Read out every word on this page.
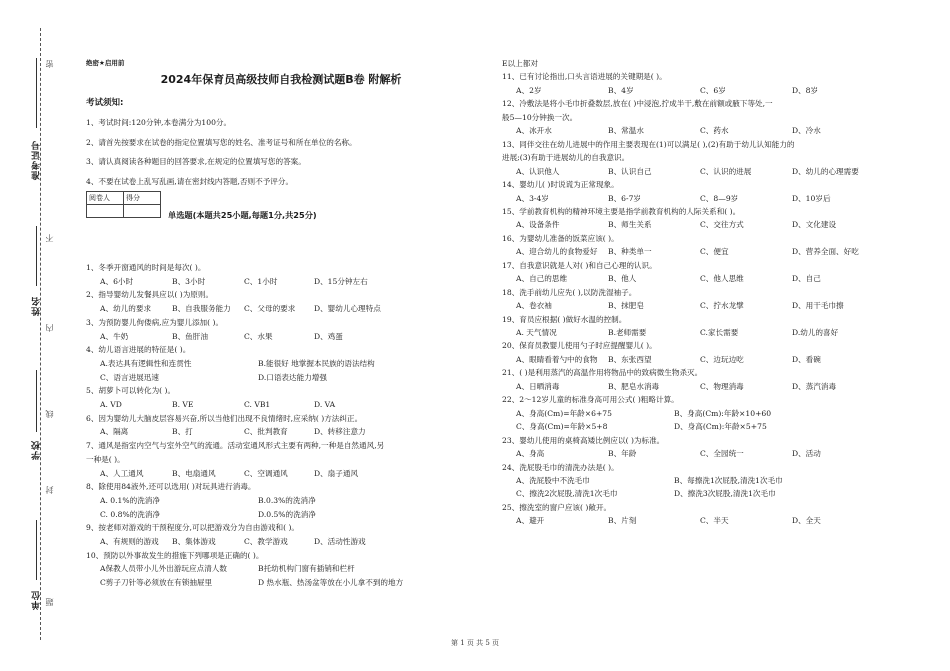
准考证号
姓名
学校
单位
密
不
内
线
封
题
绝密★启用前
2024年保育员高级技师自我检测试题B卷 附解析
考试须知:
1、考试时间:120分钟,本卷满分为100分。
2、请首先按要求在试卷的指定位置填写您的姓名、准考证号和所在单位的名称。
3、请认真阅读各种题目的回答要求,在规定的位置填写您的答案。
4、不要在试卷上乱写乱画,请在密封线内答题,否则不予评分。
阅卷人	得分

单选题(本题共25小题,每题1分,共25分)
1、冬季开窗通风的时间是每次( )。
A、6小时	B、3小时	C、1小时	D、15分钟左右
2、指导婴幼儿发餐具应以( )为原则。
A、幼儿的要求	B、自我服务能力 C、父母的要求 D、婴幼儿心理特点
3、为预防婴儿佝偻病,应为婴儿添加( )。
A、牛奶	B、鱼肝油	C、水果	D、鸡蛋
4、幼儿语言进展的特征是( )。
A.表达具有逻辑性和连贯性	B.能很好 地掌握本民族的语法结构
C、语言进展迅速	D.口语表达能力增强
5、胡萝卜可以转化为( )。
A. VD	B. VE	C. VB1	D. VA
6、因为婴幼儿大脑皮层容易兴奋,所以当他们出现不良情绪时,应采纳( )方法纠正。
A、隔离	B、打	C、批判教育	D、转移注意力
7、通风是指室内空气与室外空气的流通。活动室通风形式主要有两种,一种是自然通风,另
一种是( )。
A、人工通风	B、电扇通风	C、空调通风	D、扇子通风
8、除使用84液外,还可以选用( )对玩具进行消毒。
A. 0.1%的洗消净	B.0.3%的洗消净
C. 0.8%的洗消净	D.0.5%的洗消净
9、按老师对游戏的干预程度分,可以把游戏分为自由游戏和( )。
A、有规则的游戏 B、集体游戏	C、教学游戏	D、活动性游戏
10、预防以外事故发生的措施下列哪项是正确的( )。
A保教人员带小儿外出游玩应点清人数	B托幼机构门窗有插销和栏杆
C剪子刀针等必须放在有锁抽屉里	D 热水瓶、热汤盆等放在小儿拿不到的地方
E以上都对
11、已有讨论指出,口头言语进展的关键期是( )。
A、2岁	B、4岁	C、6岁	D、8岁
12、冷敷法是将小毛巾折叠数层,放在( )中浸泡,拧成半干,敷在前额或腋下等处,一
般5—10分钟换一次。
A、冰开水	B、常温水	C、药水	D、冷水
13、同伴交往在幼儿进展中的作用主要表现在(1)可以满足( ),(2)有助于幼儿认知能力的
进展;(3)有助于进展幼儿的自我意识。
A、认识他人	B、认识自己	C、认识的进展	D、幼儿的心理需要
14、婴幼儿( )时说谎为正常现象。
A、3-4岁	B、6-7岁	C、8—9岁	D、10岁后
15、学前教育机构的精神环境主要是指学前教育机构的人际关系和( )。
A、设备条件	B、师生关系	C、交往方式	D、文化建设
16、为婴幼儿准备的饭菜应该( )。
A、迎合幼儿的食物爱好 B、种类单一	C、便宜	D、营养全面、好吃
17、自我意识就是人对( )和自己心理的认识。
A、自己的思维	B、他人	C、他人思维	D、自己
18、洗手前幼儿应先( ),以防洗湿袖子。
A、卷衣袖	B、抹肥皂	C、拧水龙擘	D、用干毛巾擦
19、育员应根据( )做好水温的控制。
A. 天气情况	B.老师需要	C.家长需要	D.幼儿的喜好
20、保育员教婴儿使用勺子时应提醒婴儿( )。
A、眼睛看着勺中的食物 B、东张西望	C、边玩边吃	D、看碗
21、( )是利用蒸汽的高温作用将物品中的致病微生物杀灭。
A、日晒消毒	B、肥皂水消毒	C、物理消毒	D、蒸汽消毒
22、2～12岁儿童的标准身高可用公式( )粗略计算。
A、身高(Cm)=年龄×6+75	B、身高(Cm):年龄×10+60
C、身高(Cm)=年龄×5+8	D、身高(Cm):年龄×5+75
23、婴幼儿使用的桌椅高矮比例应以( )为标准。
A、身高	B、年龄	C、全园统一	D、活动
24、洗屁股毛巾的清洗办法是( )。
A、洗屁股中不洗毛巾	B、每擦洗1次屁股,清洗1次毛巾
C、擦洗2次屁股,清洗1次毛巾	D、擦洗3次屁股,清洗1次毛巾
25、擦洗室的窗户应该( )敞开。
A、避开	B、片刻	C、半天	D、全天
第 1 页 共 5 页
